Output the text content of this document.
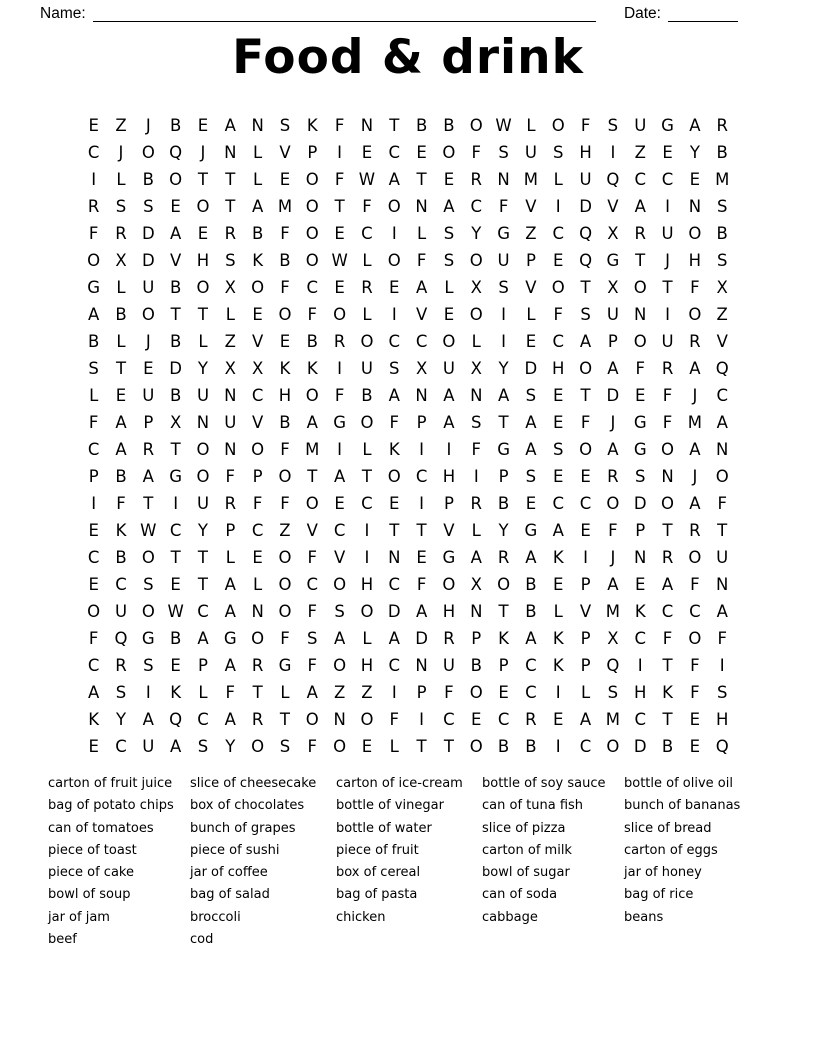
Name:	Date:
Food & drink
E Z	J	B E A N S	K	F N T	B B O W L O F	S U G A R
C	J	O Q	J	N	L	V	P	I	E C E O F	S U S H	I	Z E	Y	B
I	L	B O T	T	L	E O F W A	T	E R N M L	U Q C C E M
R S	S	E O T	A M O T	F O N A C	F	V	I	D V A	I	N S
F	R D A E R B	F O E C	I	L	S	Y G Z C Q X R U O B
O X D V H S	K B O W L O F	S O U P	E Q G T	J	H S
G L	U B O X O F	C E R E A	L	X S V O T	X O T	F	X
A B O T	T	L	E O F O L	I	V E O	I	L	F	S U N	I	O Z
B	L	J	B	L	Z V E B R O C C O L	I	E C A	P O U R V
S	T	E D Y	X X K	K	I	U S X U X	Y D H O A	F	R A Q
L	E U B U N C H O F	B A N A N A S	E	T D E	F	J	C
F	A	P	X N U V B A G O F	P	A S	T	A E	F	J	G F M A
C A R	T O N O F M	I	L	K	I	I	F G A S O A G O A N
P	B A G O F	P O T	A	T O C H	I	P	S	E	E R S N	J	O
I	F	T	I	U R	F	F O E C E	I	P	R B E C C O D O A	F
E	K W C	Y	P	C Z V C	I	T	T	V	L	Y G A E	F	P	T	R	T
C B O T	T	L	E O F	V	I	N E G A R A K	I	J	N R O U
E C S	E	T	A	L O C O H C	F O X O B E	P	A E A	F N
O U O W C A N O F	S O D A H N T	B	L	V M K C C A
F Q G B A G O F	S A	L	A D R	P	K A K	P	X C	F O F
C R S	E	P	A R G F O H C N U B	P	C K	P Q	I	T	F	I
A S	I	K	L	F	T	L	A Z Z	I	P	F O E C	I	L	S H K	F	S
K	Y	A Q C A R	T O N O F	I	C E C R E A M C	T	E H
E C U A S	Y O S	F O E	L	T	T O B B	I	C O D B E Q
carton of fruit juice
bag of potato chips
can of tomatoes
piece of toast
piece of cake
bowl of soup
jar of jam
beef
slice of cheesecake
box of chocolates
bunch of grapes
piece of sushi
jar of coffee
bag of salad
broccoli
cod
carton of ice-cream
bottle of vinegar
bottle of water
piece of fruit
box of cereal
bag of pasta
chicken
bottle of soy sauce
can of tuna fish
slice of pizza
carton of milk
bowl of sugar
can of soda
cabbage
bottle of olive oil
bunch of bananas
slice of bread
carton of eggs
jar of honey
bag of rice
beans
